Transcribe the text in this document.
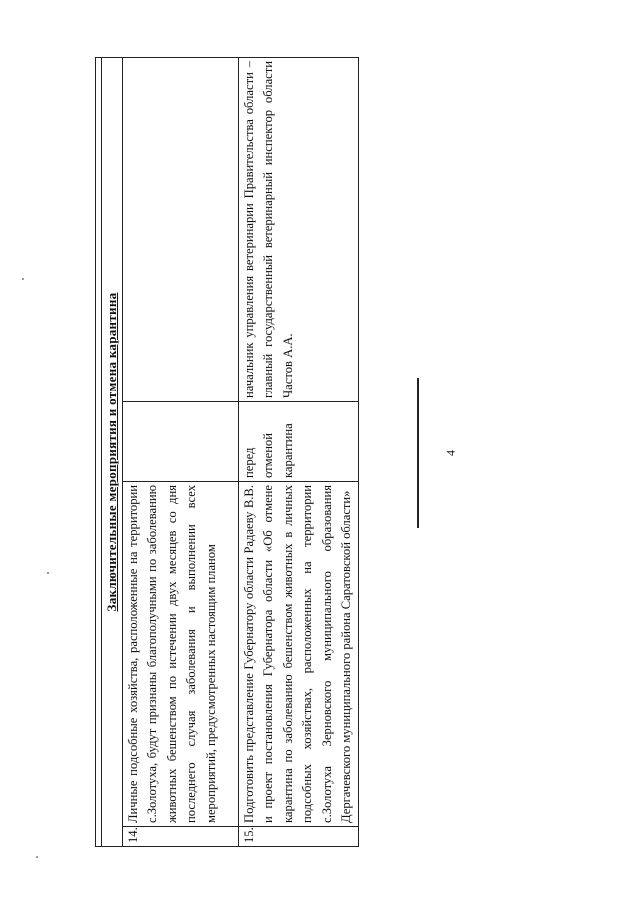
4

Заключительные мероприятия и отмена карантина			
14.	Личные подсобные хозяйства, расположенные на территории с.Золотуха, будут признаны благополучными по заболеванию животных бешенством по истечении двух месяцев со дня последнего случая заболевания и выполнении всех мероприятий, предусмотренных настоящим планом		
15.	Подготовить представление Губернатору области Радаеву В.В. и проект постановления Губернатора области «Об отмене карантина по заболеванию бешенством животных в личных подсобных хозяйствах, расположенных на территории с.Золотуха Зерновского муниципального образования Дергачевского муниципального района Саратовской области»	перед отменой карантина	начальник управления ветеринарии Правительства области – главный государственный ветеринарный инспектор области Частов А.А.
